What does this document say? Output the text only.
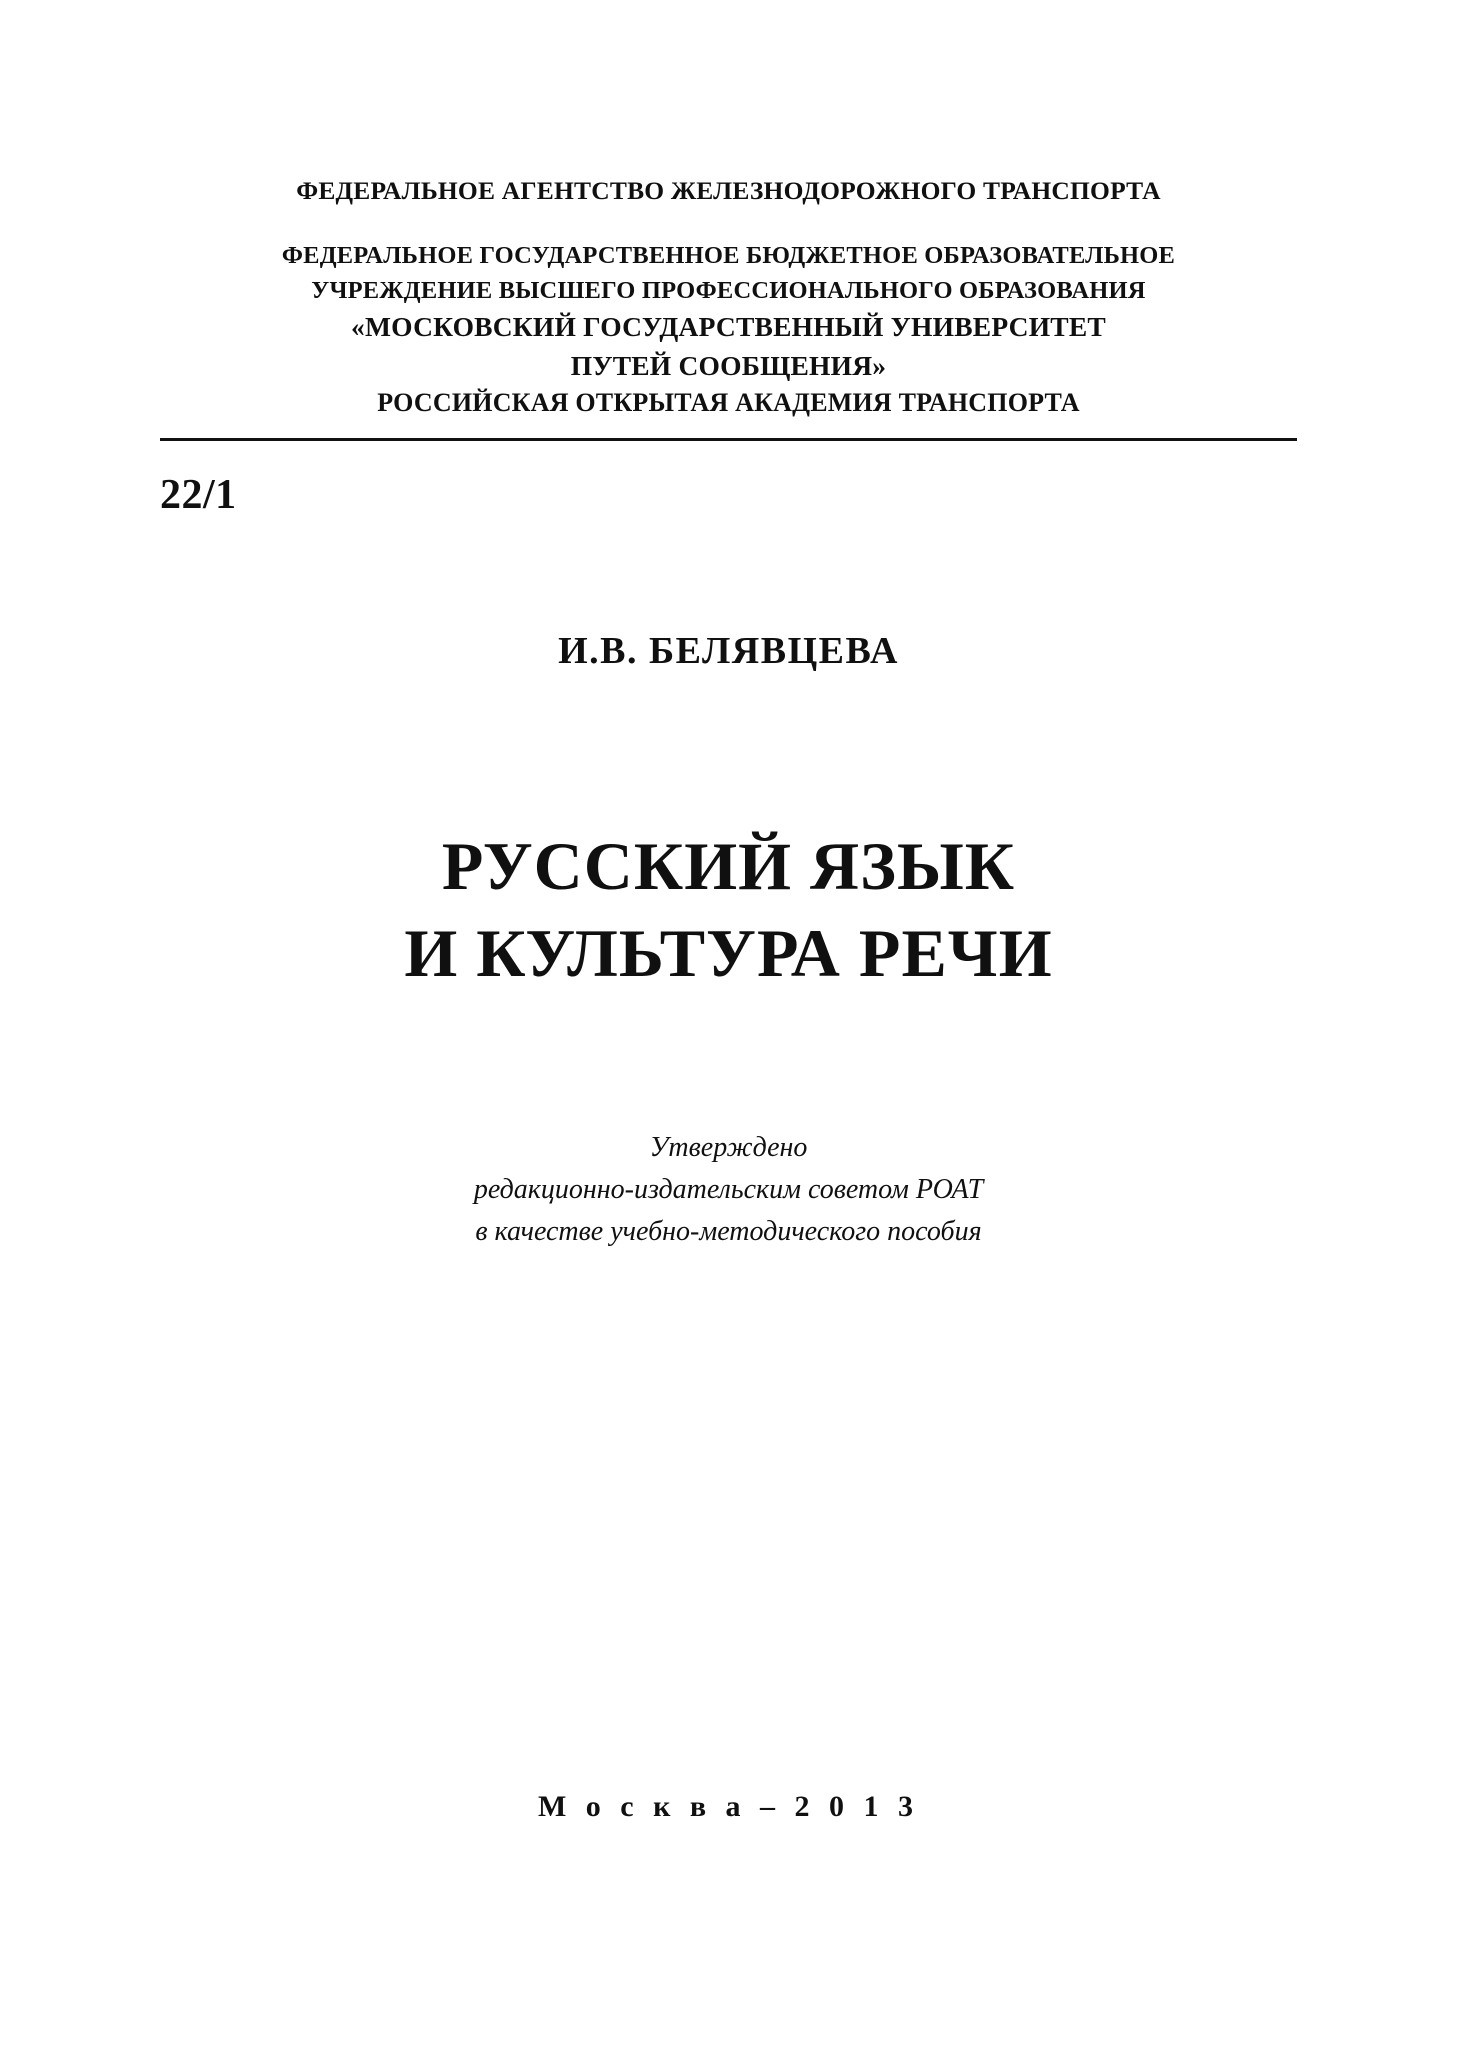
ФЕДЕРАЛЬНОЕ АГЕНТСТВО ЖЕЛЕЗНОДОРОЖНОГО ТРАНСПОРТА
ФЕДЕРАЛЬНОЕ ГОСУДАРСТВЕННОЕ БЮДЖЕТНОЕ ОБРАЗОВАТЕЛЬНОЕ
УЧРЕЖДЕНИЕ ВЫСШЕГО ПРОФЕССИОНАЛЬНОГО ОБРАЗОВАНИЯ
«МОСКОВСКИЙ ГОСУДАРСТВЕННЫЙ УНИВЕРСИТЕТ
ПУТЕЙ СООБЩЕНИЯ»
РОССИЙСКАЯ ОТКРЫТАЯ АКАДЕМИЯ ТРАНСПОРТА
22/1
И.В. БЕЛЯВЦЕВА
РУССКИЙ ЯЗЫК
И КУЛЬТУРА РЕЧИ
Утверждено
редакционно-издательским советом РОАТ
в качестве учебно-методического пособия
М о с к в а – 2 0 1 3
